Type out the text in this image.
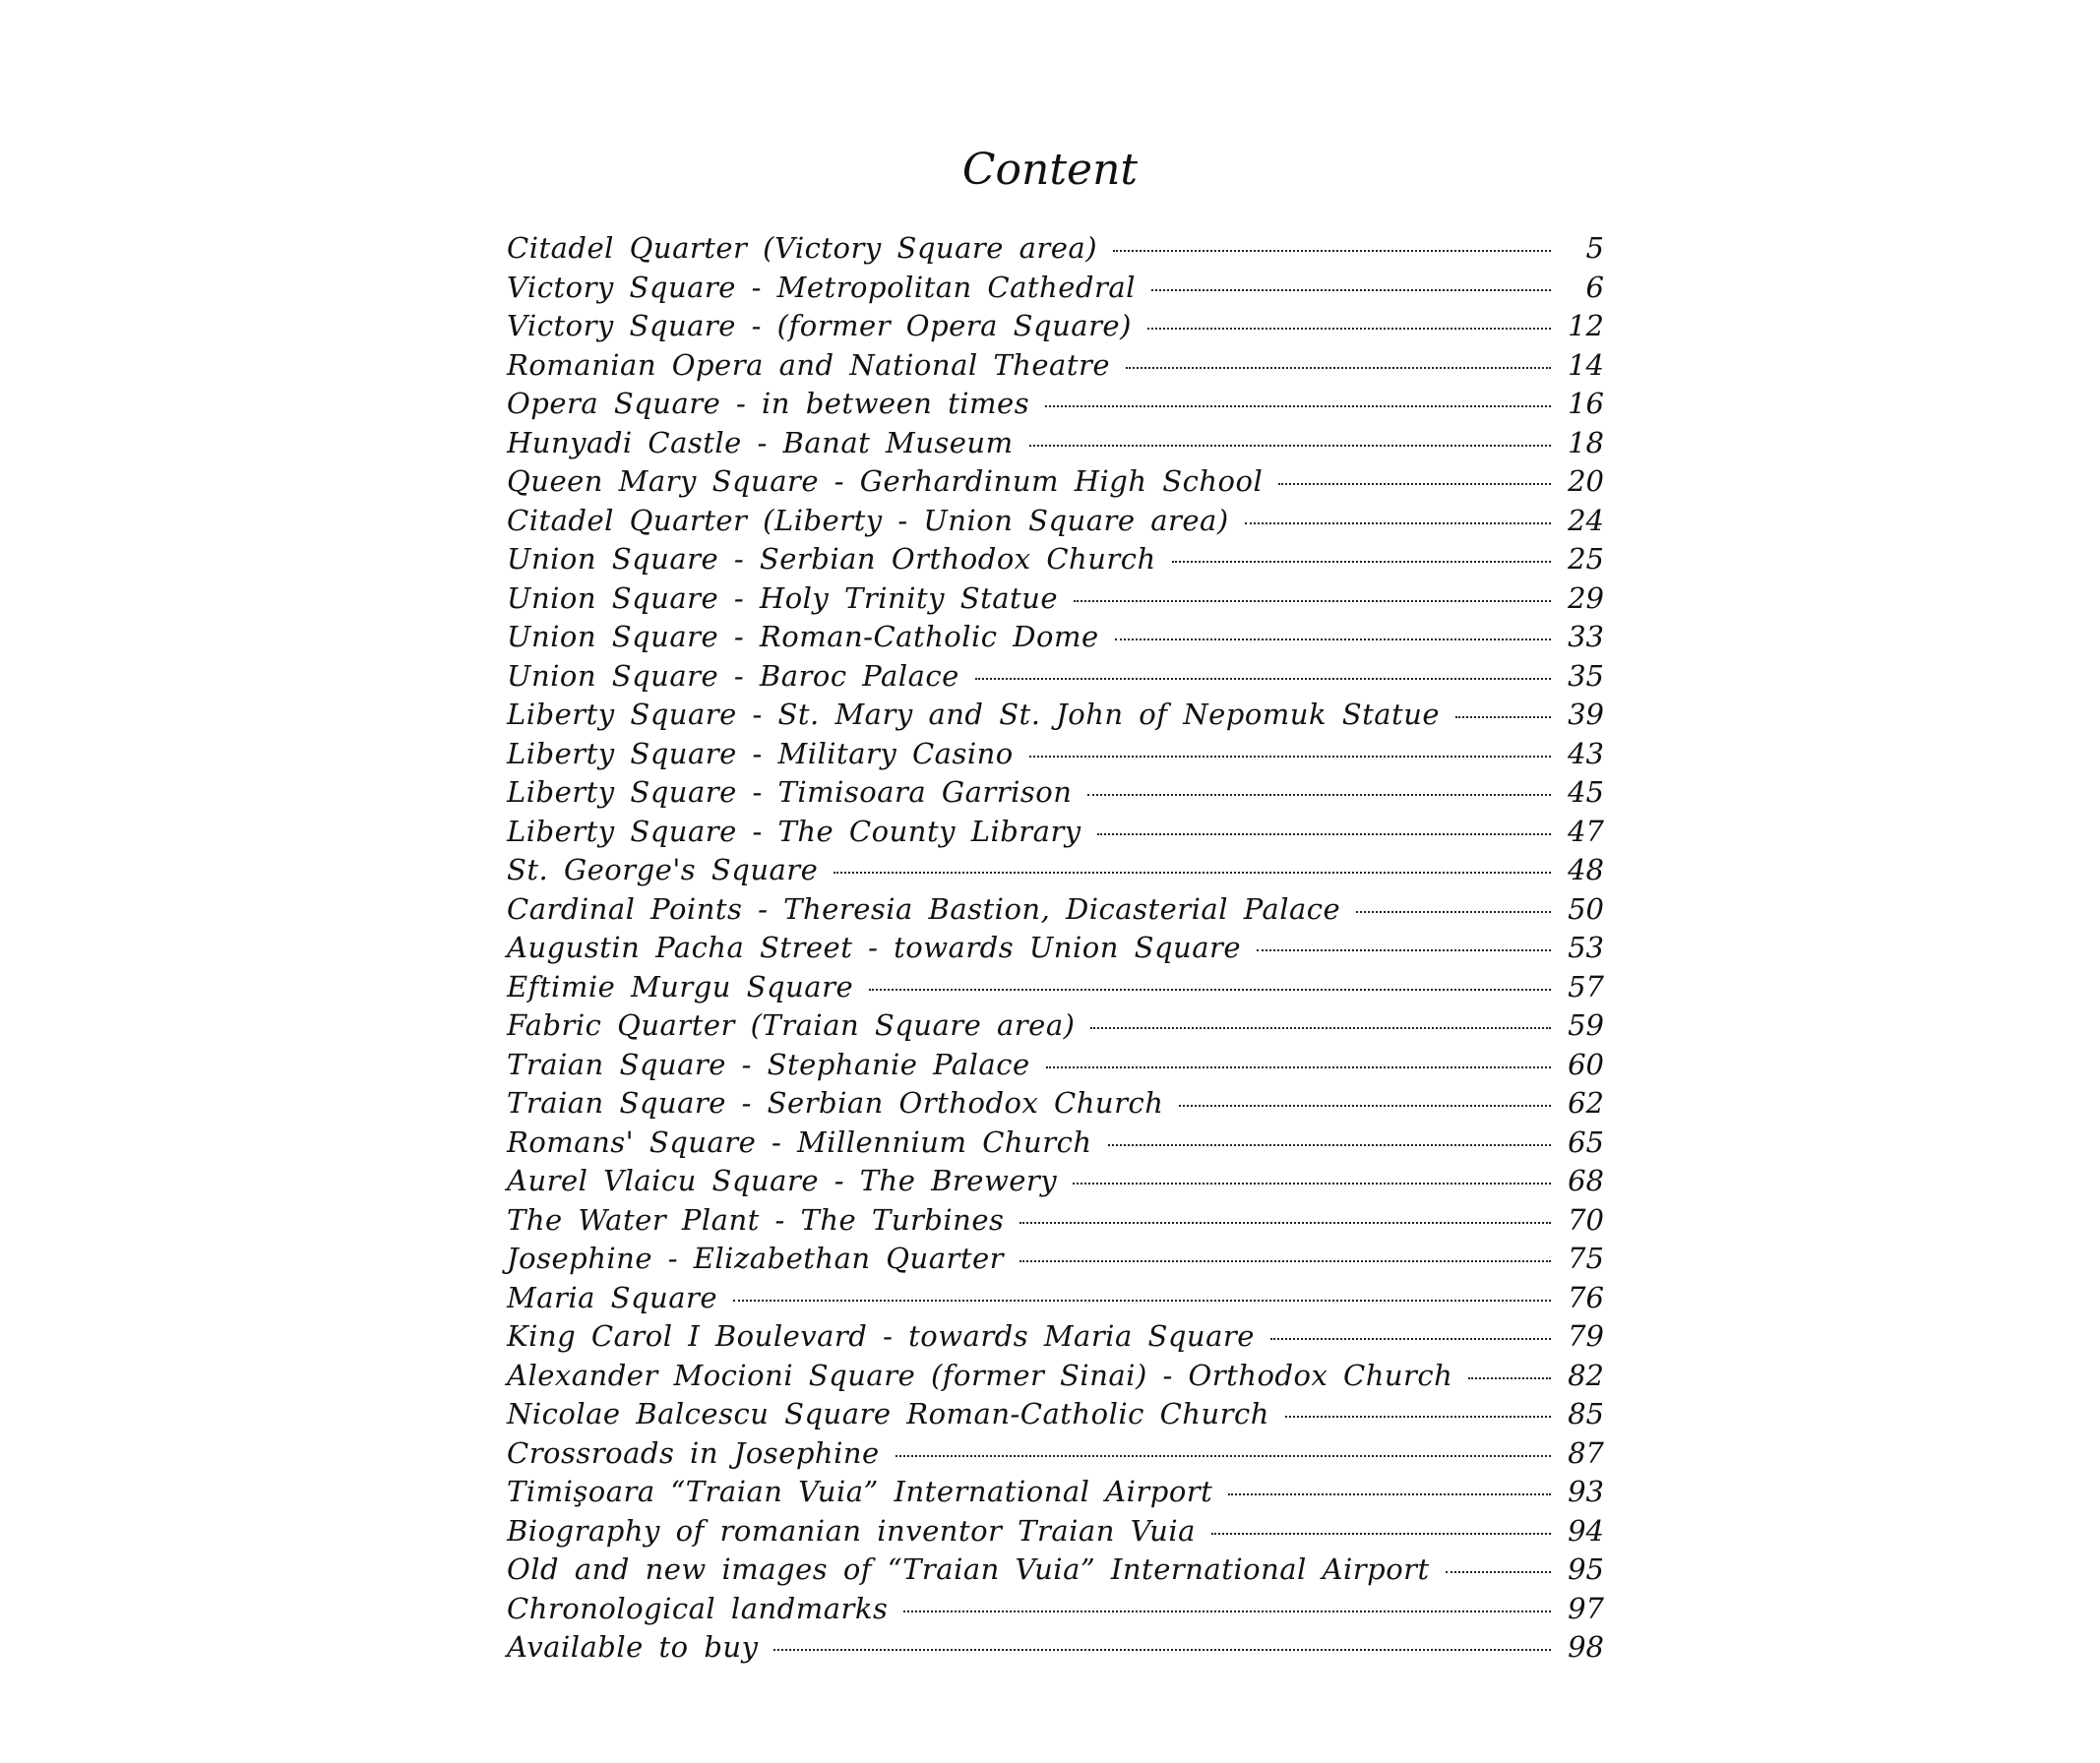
Content
Citadel Quarter (Victory Square area)	5
Victory Square - Metropolitan Cathedral	6
Victory Square - (former Opera Square)	12
Romanian Opera and National Theatre	14
Opera Square - in between times	16
Hunyadi Castle - Banat Museum	18
Queen Mary Square - Gerhardinum High School	20
Citadel Quarter (Liberty - Union Square area)	24
Union Square - Serbian Orthodox Church	25
Union Square - Holy Trinity Statue	29
Union Square - Roman-Catholic Dome	33
Union Square - Baroc Palace	35
Liberty Square - St. Mary and St. John of Nepomuk Statue	39
Liberty Square - Military Casino	43
Liberty Square - Timisoara Garrison	45
Liberty Square - The County Library	47
St. George's Square	48
Cardinal Points - Theresia Bastion, Dicasterial Palace	50
Augustin Pacha Street - towards Union Square	53
Eftimie Murgu Square	57
Fabric Quarter (Traian Square area)	59
Traian Square - Stephanie Palace	60
Traian Square - Serbian Orthodox Church	62
Romans' Square - Millennium Church	65
Aurel Vlaicu Square - The Brewery	68
The Water Plant - The Turbines	70
Josephine - Elizabethan Quarter	75
Maria Square	76
King Carol I Boulevard - towards Maria Square	79
Alexander Mocioni Square (former Sinai) - Orthodox Church	82
Nicolae Balcescu Square Roman-Catholic Church	85
Crossroads in Josephine	87
Timişoara “Traian Vuia” International Airport	93
Biography of romanian inventor Traian Vuia	94
Old and new images of “Traian Vuia” International Airport	95
Chronological landmarks	97
Available to buy	98
